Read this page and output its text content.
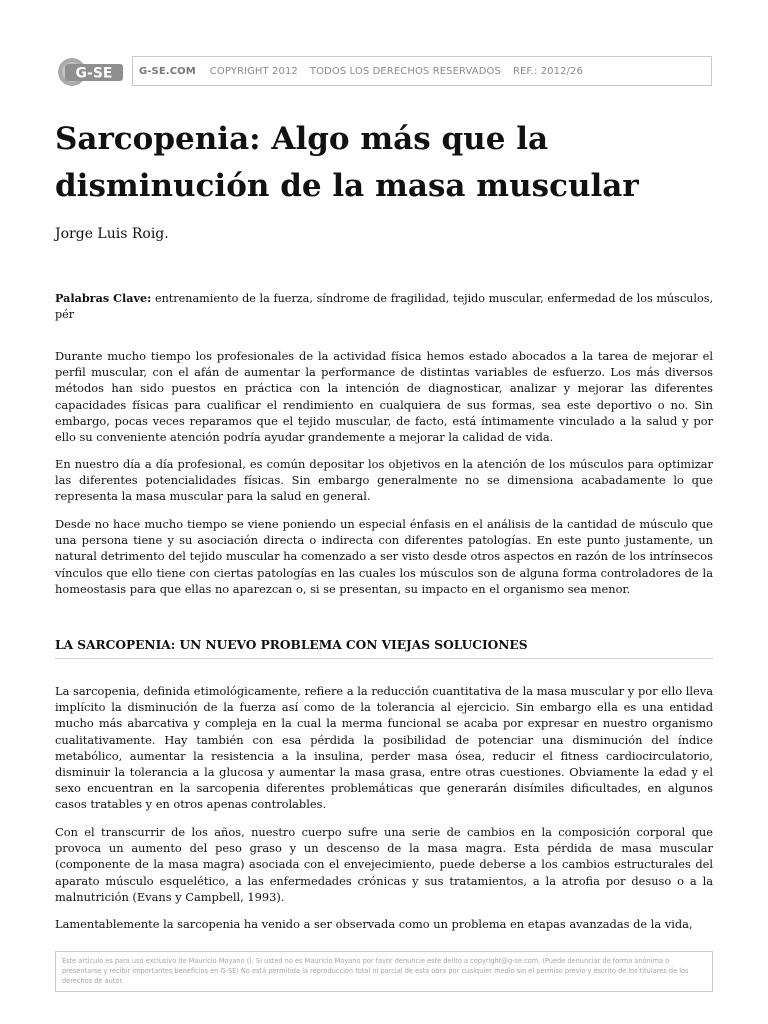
G-SE	G-SE.COM COPYRIGHT 2012 TODOS LOS DERECHOS RESERVADOS REF.: 2012/26
Sarcopenia: Algo más que la disminución de la masa muscular

Jorge Luis Roig.

Palabras Clave: entrenamiento de la fuerza, síndrome de fragilidad, tejido muscular, enfermedad de los músculos, pér

Durante mucho tiempo los profesionales de la actividad física hemos estado abocados a la tarea de mejorar el perfil muscular, con el afán de aumentar la performance de distintas variables de esfuerzo. Los más diversos métodos han sido puestos en práctica con la intención de diagnosticar, analizar y mejorar las diferentes capacidades físicas para cualificar el rendimiento en cualquiera de sus formas, sea este deportivo o no. Sin embargo, pocas veces reparamos que el tejido muscular, de facto, está íntimamente vinculado a la salud y por ello su conveniente atención podría ayudar grandemente a mejorar la calidad de vida.

En nuestro día a día profesional, es común depositar los objetivos en la atención de los músculos para optimizar las diferentes potencialidades físicas. Sin embargo generalmente no se dimensiona acabadamente lo que representa la masa muscular para la salud en general.

Desde no hace mucho tiempo se viene poniendo un especial énfasis en el análisis de la cantidad de músculo que una persona tiene y su asociación directa o indirecta con diferentes patologías. En este punto justamente, un natural detrimento del tejido muscular ha comenzado a ser visto desde otros aspectos en razón de los intrínsecos vínculos que ello tiene con ciertas patologías en las cuales los músculos son de alguna forma controladores de la homeostasis para que ellas no aparezcan o, si se presentan, su impacto en el organismo sea menor.

LA SARCOPENIA: UN NUEVO PROBLEMA CON VIEJAS SOLUCIONES

La sarcopenia, definida etimológicamente, refiere a la reducción cuantitativa de la masa muscular y por ello lleva implícito la disminución de la fuerza así como de la tolerancia al ejercicio. Sin embargo ella es una entidad mucho más abarcativa y compleja en la cual la merma funcional se acaba por expresar en nuestro organismo cualitativamente. Hay también con esa pérdida la posibilidad de potenciar una disminución del índice metabólico, aumentar la resistencia a la insulina, perder masa ósea, reducir el fitness cardiocirculatorio, disminuir la tolerancia a la glucosa y aumentar la masa grasa, entre otras cuestiones. Obviamente la edad y el sexo encuentran en la sarcopenia diferentes problemáticas que generarán disímiles dificultades, en algunos casos tratables y en otros apenas controlables.

Con el transcurrir de los años, nuestro cuerpo sufre una serie de cambios en la composición corporal que provoca un aumento del peso graso y un descenso de la masa magra. Esta pérdida de masa muscular (componente de la masa magra) asociada con el envejecimiento, puede deberse a los cambios estructurales del aparato músculo esquelético, a las enfermedades crónicas y sus tratamientos, a la atrofia por desuso o a la malnutrición (Evans y Campbell, 1993).

Lamentablemente la sarcopenia ha venido a ser observada como un problema en etapas avanzadas de la vida,

Este artículo es para uso exclusivo de Mauricio Moyano (). Si usted no es Mauricio Moyano por favor denuncie este delito a copyright@g-se.com. (Puede denunciar de forma anónima o presentarse y recibir importantes beneficios en G-SE) No está permitida la reproducción total ni parcial de esta obra por cualquier medio sin el permiso previo y escrito de los titulares de los derechos de autor.
